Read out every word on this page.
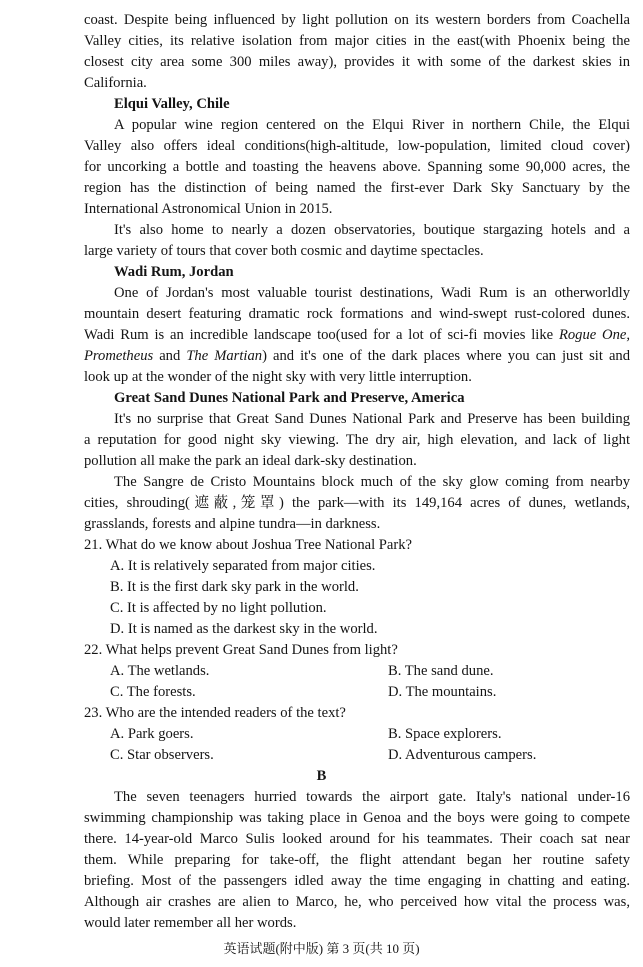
coast. Despite being influenced by light pollution on its western borders from Coachella
Valley cities, its relative isolation from major cities in the east(with Phoenix being the
closest city area some 300 miles away), provides it with some of the darkest skies in
California.
Elqui Valley, Chile
A popular wine region centered on the Elqui River in northern Chile, the Elqui
Valley also offers ideal conditions(high-altitude, low-population, limited cloud cover)
for uncorking a bottle and toasting the heavens above. Spanning some 90,000 acres, the
region has the distinction of being named the first-ever Dark Sky Sanctuary by the
International Astronomical Union in 2015.
It's also home to nearly a dozen observatories, boutique stargazing hotels and a
large variety of tours that cover both cosmic and daytime spectacles.
Wadi Rum, Jordan
One of Jordan's most valuable tourist destinations, Wadi Rum is an otherworldly
mountain desert featuring dramatic rock formations and wind-swept rust-colored dunes.
Wadi Rum is an incredible landscape too(used for a lot of sci-fi movies like Rogue One,
Prometheus and The Martian) and it's one of the dark places where you can just sit and
look up at the wonder of the night sky with very little interruption.
Great Sand Dunes National Park and Preserve, America
It's no surprise that Great Sand Dunes National Park and Preserve has been building
a reputation for good night sky viewing. The dry air, high elevation, and lack of light
pollution all make the park an ideal dark-sky destination.
The Sangre de Cristo Mountains block much of the sky glow coming from nearby
cities, shrouding(遮蔽,笼罩) the park—with its 149,164 acres of dunes, wetlands,
grasslands, forests and alpine tundra—in darkness.
21. What do we know about Joshua Tree National Park?
A. It is relatively separated from major cities.
B. It is the first dark sky park in the world.
C. It is affected by no light pollution.
D. It is named as the darkest sky in the world.
22. What helps prevent Great Sand Dunes from light?
A. The wetlands.	B. The sand dune.
C. The forests.	D. The mountains.
23. Who are the intended readers of the text?
A. Park goers.	B. Space explorers.
C. Star observers.	D. Adventurous campers.
B
The seven teenagers hurried towards the airport gate. Italy's national under-16
swimming championship was taking place in Genoa and the boys were going to compete
there. 14-year-old Marco Sulis looked around for his teammates. Their coach sat near
them. While preparing for take-off, the flight attendant began her routine safety
briefing. Most of the passengers idled away the time engaging in chatting and eating.
Although air crashes are alien to Marco, he, who perceived how vital the process was,
would later remember all her words.
英语试题(附中版) 第 3 页(共 10 页)
